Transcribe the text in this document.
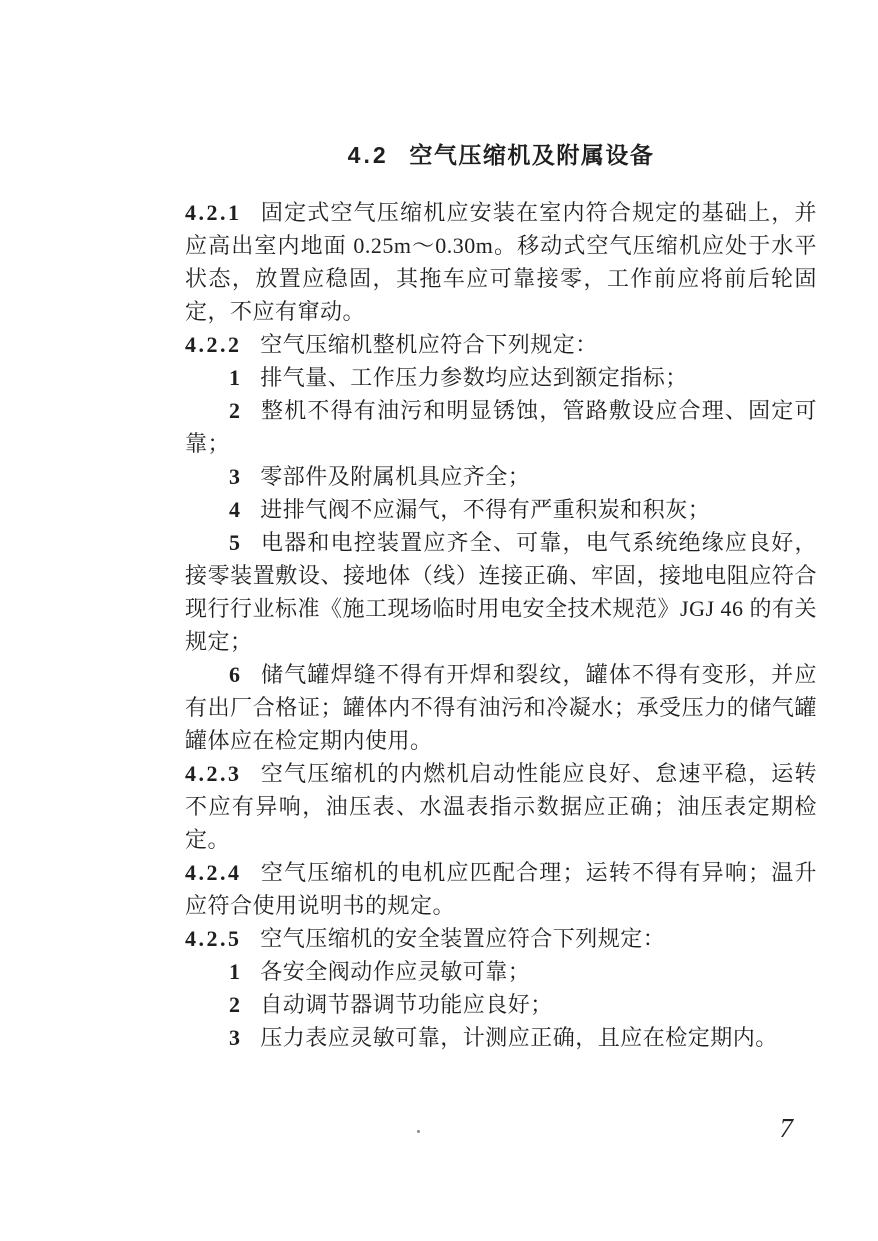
4.2 空气压缩机及附属设备

4.2.1 固定式空气压缩机应安装在室内符合规定的基础上，并应高出室内地面 0.25m～0.30m。移动式空气压缩机应处于水平状态，放置应稳固，其拖车应可靠接零，工作前应将前后轮固定，不应有窜动。

4.2.2 空气压缩机整机应符合下列规定：

1 排气量、工作压力参数均应达到额定指标；

2 整机不得有油污和明显锈蚀，管路敷设应合理、固定可靠；

3 零部件及附属机具应齐全；

4 进排气阀不应漏气，不得有严重积炭和积灰；

5 电器和电控装置应齐全、可靠，电气系统绝缘应良好，接零装置敷设、接地体（线）连接正确、牢固，接地电阻应符合现行行业标准《施工现场临时用电安全技术规范》JGJ 46 的有关规定；

6 储气罐焊缝不得有开焊和裂纹，罐体不得有变形，并应有出厂合格证；罐体内不得有油污和冷凝水；承受压力的储气罐罐体应在检定期内使用。

4.2.3 空气压缩机的内燃机启动性能应良好、怠速平稳，运转不应有异响，油压表、水温表指示数据应正确；油压表定期检定。

4.2.4 空气压缩机的电机应匹配合理；运转不得有异响；温升应符合使用说明书的规定。

4.2.5 空气压缩机的安全装置应符合下列规定：

1 各安全阀动作应灵敏可靠；

2 自动调节器调节功能应良好；

3 压力表应灵敏可靠，计测应正确，且应在检定期内。

7
